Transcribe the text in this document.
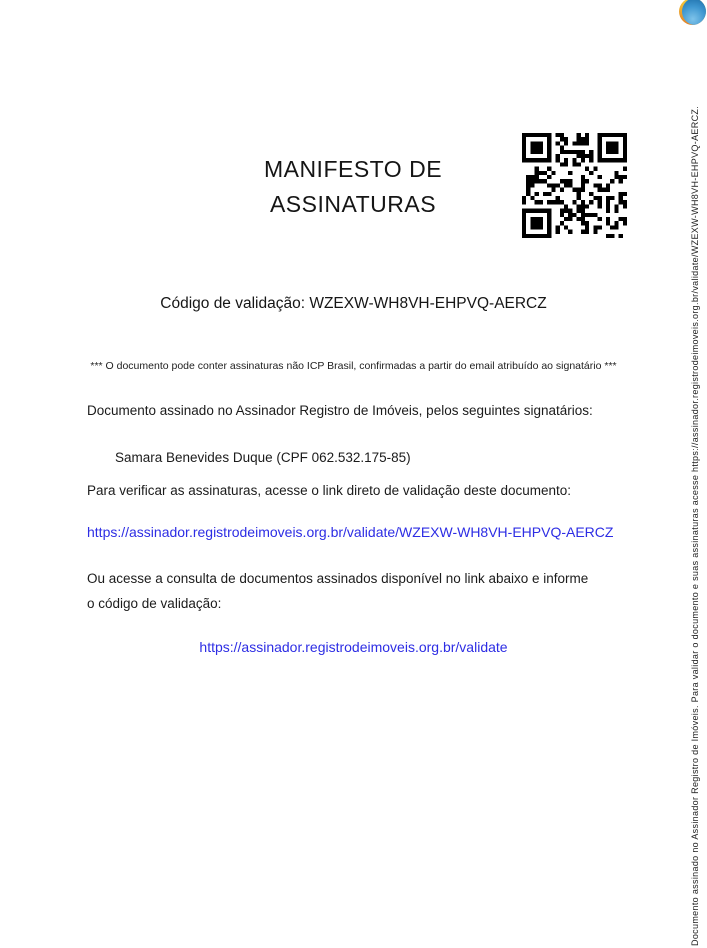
MANIFESTO DE
ASSINATURAS
Código de validação: WZEXW-WH8VH-EHPVQ-AERCZ
*** O documento pode conter assinaturas não ICP Brasil, confirmadas a partir do email atribuído ao signatário ***
Documento assinado no Assinador Registro de Imóveis, pelos seguintes signatários:
Samara Benevides Duque (CPF 062.532.175-85)
Para verificar as assinaturas, acesse o link direto de validação deste documento:
https://assinador.registrodeimoveis.org.br/validate/WZEXW-WH8VH-EHPVQ-AERCZ
Ou acesse a consulta de documentos assinados disponível no link abaixo e informe
o código de validação:
https://assinador.registrodeimoveis.org.br/validate	Documento assinado no Assinador Registro de Imóveis. Para validar o documento e suas assinaturas acesse https://assinador.registrodeimoveis.org.br/validate/WZEXW-WH8VH-EHPVQ-AERCZ.
